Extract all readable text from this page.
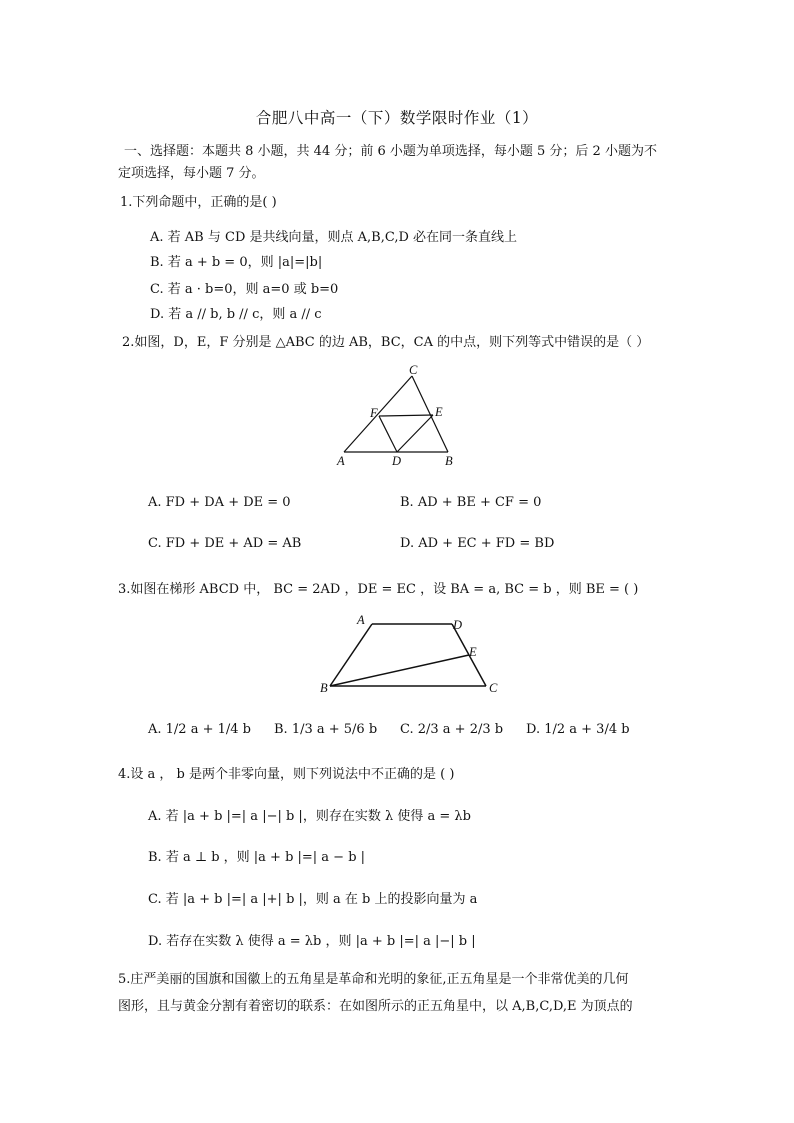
合肥八中高一（下）数学限时作业（1）
一、选择题：本题共 8 小题，共 44 分；前 6 小题为单项选择，每小题 5 分；后 2 小题为不
定项选择，每小题 7 分。
1.下列命题中，正确的是( )
A. 若 AB 与 CD 是共线向量，则点 A,B,C,D 必在同一条直线上
B. 若 a + b = 0，则 |a|=|b|
C. 若 a · b=0，则 a=0 或 b=0
D. 若 a // b, b // c，则 a // c
2.如图，D，E，F 分别是 △ABC 的边 AB，BC，CA 的中点，则下列等式中错误的是（ ）
C
F	E
A	D	B
A. FD + DA + DE = 0	B. AD + BE + CF = 0
C. FD + DE + AD = AB	D. AD + EC + FD = BD
3.如图在梯形 ABCD 中， BC = 2AD ，DE = EC ，设 BA = a, BC = b ，则 BE = ( )
A	D
E
B	C
A. 1/2 a + 1/4 b B. 1/3 a + 5/6 b C. 2/3 a + 2/3 b D. 1/2 a + 3/4 b
4.设 a ， b 是两个非零向量，则下列说法中不正确的是 ( )
A. 若 |a + b |=| a |−| b |，则存在实数 λ 使得 a = λb
B. 若 a ⊥ b ，则 |a + b |=| a − b |
C. 若 |a + b |=| a |+| b |，则 a 在 b 上的投影向量为 a
D. 若存在实数 λ 使得 a = λb ，则 |a + b |=| a |−| b |
5.庄严美丽的国旗和国徽上的五角星是革命和光明的象征,正五角星是一个非常优美的几何
图形，且与黄金分割有着密切的联系：在如图所示的正五角星中，以 A,B,C,D,E 为顶点的
